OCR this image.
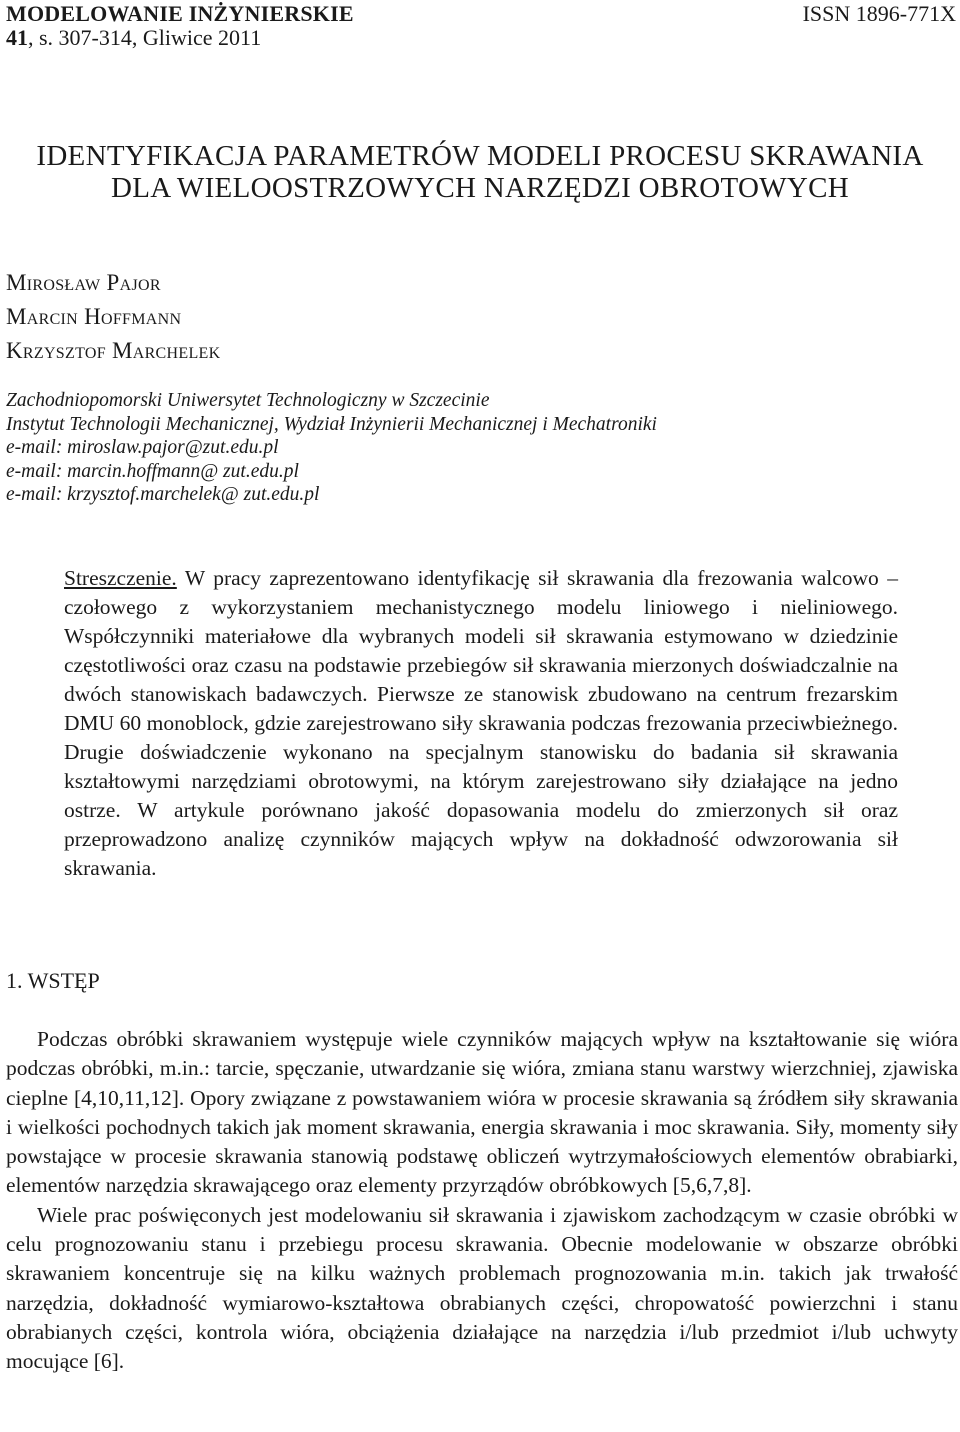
MODELOWANIE INŻYNIERSKIE
41, s. 307-314, Gliwice 2011
ISSN 1896-771X
IDENTYFIKACJA PARAMETRÓW MODELI PROCESU SKRAWANIA
DLA WIELOOSTRZOWYCH NARZĘDZI OBROTOWYCH
Mirosław Pajor
Marcin Hoffmann
Krzysztof Marchelek
Zachodniopomorski Uniwersytet Technologiczny w Szczecinie
Instytut Technologii Mechanicznej, Wydział Inżynierii Mechanicznej i Mechatroniki
e-mail: miroslaw.pajor@zut.edu.pl
e-mail: marcin.hoffmann@ zut.edu.pl
e-mail: krzysztof.marchelek@ zut.edu.pl
Streszczenie. W pracy zaprezentowano identyfikację sił skrawania dla frezowania walcowo – czołowego z wykorzystaniem mechanistycznego modelu liniowego i nieliniowego. Współczynniki materiałowe dla wybranych modeli sił skrawania estymowano w dziedzinie częstotliwości oraz czasu na podstawie przebiegów sił skrawania mierzonych doświadczalnie na dwóch stanowiskach badawczych. Pierwsze ze stanowisk zbudowano na centrum frezarskim DMU 60 monoblock, gdzie zarejestrowano siły skrawania podczas frezowania przeciwbieżnego. Drugie doświadczenie wykonano na specjalnym stanowisku do badania sił skrawania kształtowymi narzędziami obrotowymi, na którym zarejestrowano siły działające na jedno ostrze. W artykule porównano jakość dopasowania modelu do zmierzonych sił oraz przeprowadzono analizę czynników mających wpływ na dokładność odwzorowania sił skrawania.
1. WSTĘP

Podczas obróbki skrawaniem występuje wiele czynników mających wpływ na kształtowanie się wióra podczas obróbki, m.in.: tarcie, spęczanie, utwardzanie się wióra, zmiana stanu warstwy wierzchniej, zjawiska cieplne [4,10,11,12]. Opory związane z powstawaniem wióra w procesie skrawania są źródłem siły skrawania i wielkości pochodnych takich jak moment skrawania, energia skrawania i moc skrawania. Siły, momenty siły powstające w procesie skrawania stanowią podstawę obliczeń wytrzymałościowych elementów obrabiarki, elementów narzędzia skrawającego oraz elementy przyrządów obróbkowych [5,6,7,8].

Wiele prac poświęconych jest modelowaniu sił skrawania i zjawiskom zachodzącym w czasie obróbki w celu prognozowaniu stanu i przebiegu procesu skrawania. Obecnie modelowanie w obszarze obróbki skrawaniem koncentruje się na kilku ważnych problemach prognozowania m.in. takich jak trwałość narzędzia, dokładność wymiarowo-kształtowa obrabianych części, chropowatość powierzchni i stanu obrabianych części, kontrola wióra, obciążenia działające na narzędzia i/lub przedmiot i/lub uchwyty mocujące [6].
